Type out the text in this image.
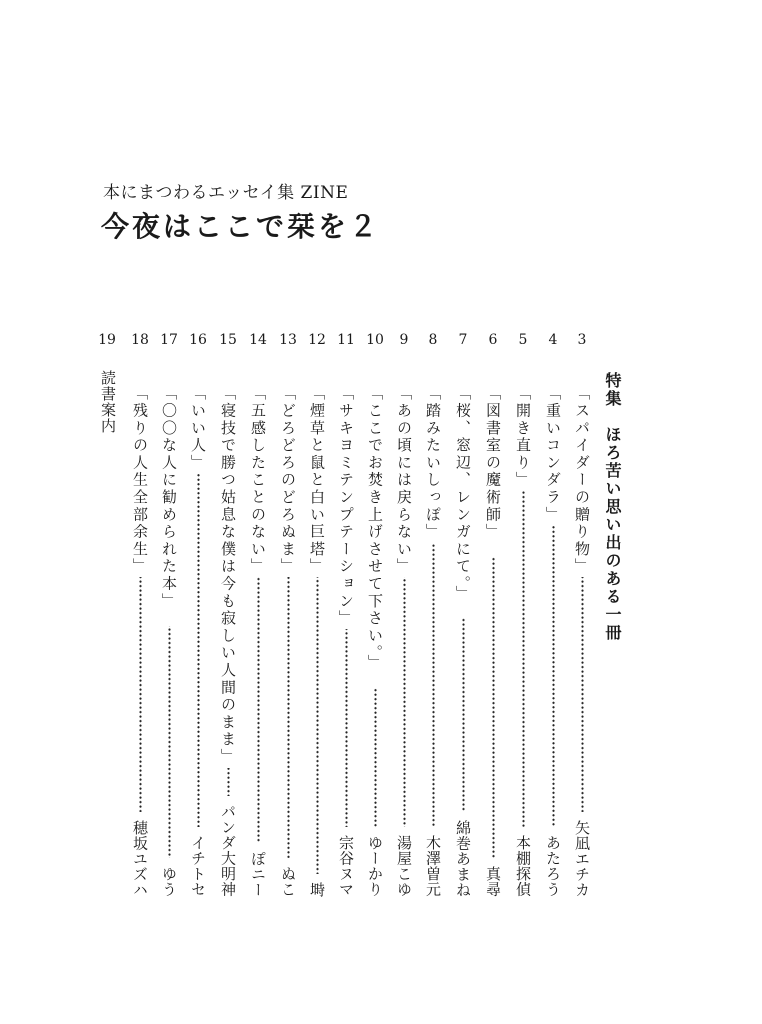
本にまつわるエッセイ集 ZINE
今夜はここで栞を２
特集ほろ苦い思い出のある一冊
3
「スパイダーの贈り物」
矢凪エチカ
4
「重いコンダラ」
あたろう
5
「開き直り」
本棚探偵
6
「図書室の魔術師」
真尋
7
「桜、窓辺、レンガにて。」
綿巻あまね
8
「踏みたいしっぽ」
木澤曽元
9
「あの頃には戻らない」
湯屋こゆ
10
「ここでお焚き上げさせて下さい。」
ゆーかり
11
「サキヨミテンプテーション」
宗谷ヌマ
12
「煙草と鼠と白い巨塔」
塒
13
「どろどろのどろぬま」
ぬこ
14
「五感したことのない」
ぽニー
15
「寝技で勝つ姑息な僕は今も寂しい人間のまま」
パンダ大明神
16
「いい人」
イチトセ
17
「〇〇な人に勧められた本」
ゆう
18
「残りの人生全部余生」
穂坂ユズハ
19
読書案内
